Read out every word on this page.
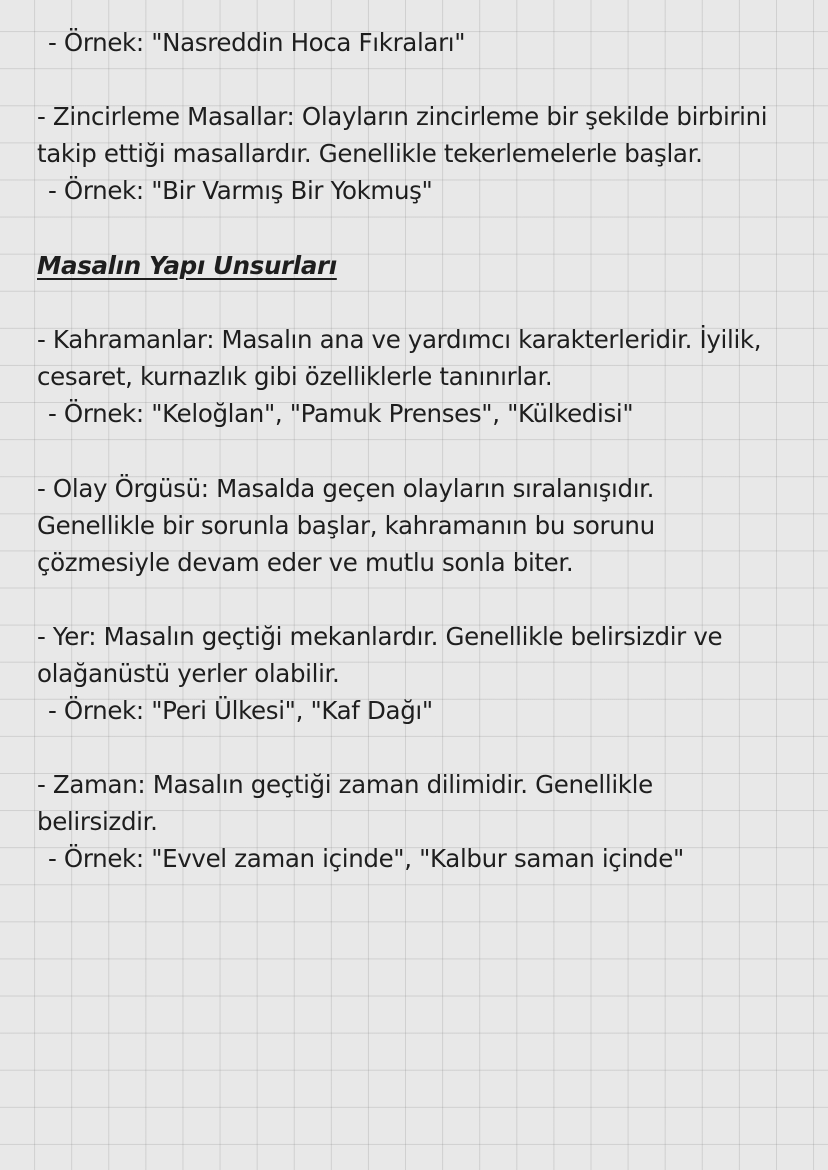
- Örnek: "Nasreddin Hoca Fıkraları"
- Zincirleme Masallar: Olayların zincirleme bir şekilde birbirini
takip ettiği masallardır. Genellikle tekerlemelerle başlar.
- Örnek: "Bir Varmış Bir Yokmuş"
Masalın Yapı Unsurları
- Kahramanlar: Masalın ana ve yardımcı karakterleridir. İyilik,
cesaret, kurnazlık gibi özelliklerle tanınırlar.
- Örnek: "Keloğlan", "Pamuk Prenses", "Külkedisi"
- Olay Örgüsü: Masalda geçen olayların sıralanışıdır.
Genellikle bir sorunla başlar, kahramanın bu sorunu
çözmesiyle devam eder ve mutlu sonla biter.
- Yer: Masalın geçtiği mekanlardır. Genellikle belirsizdir ve
olağanüstü yerler olabilir.
- Örnek: "Peri Ülkesi", "Kaf Dağı"
- Zaman: Masalın geçtiği zaman dilimidir. Genellikle
belirsizdir.
- Örnek: "Evvel zaman içinde", "Kalbur saman içinde"
